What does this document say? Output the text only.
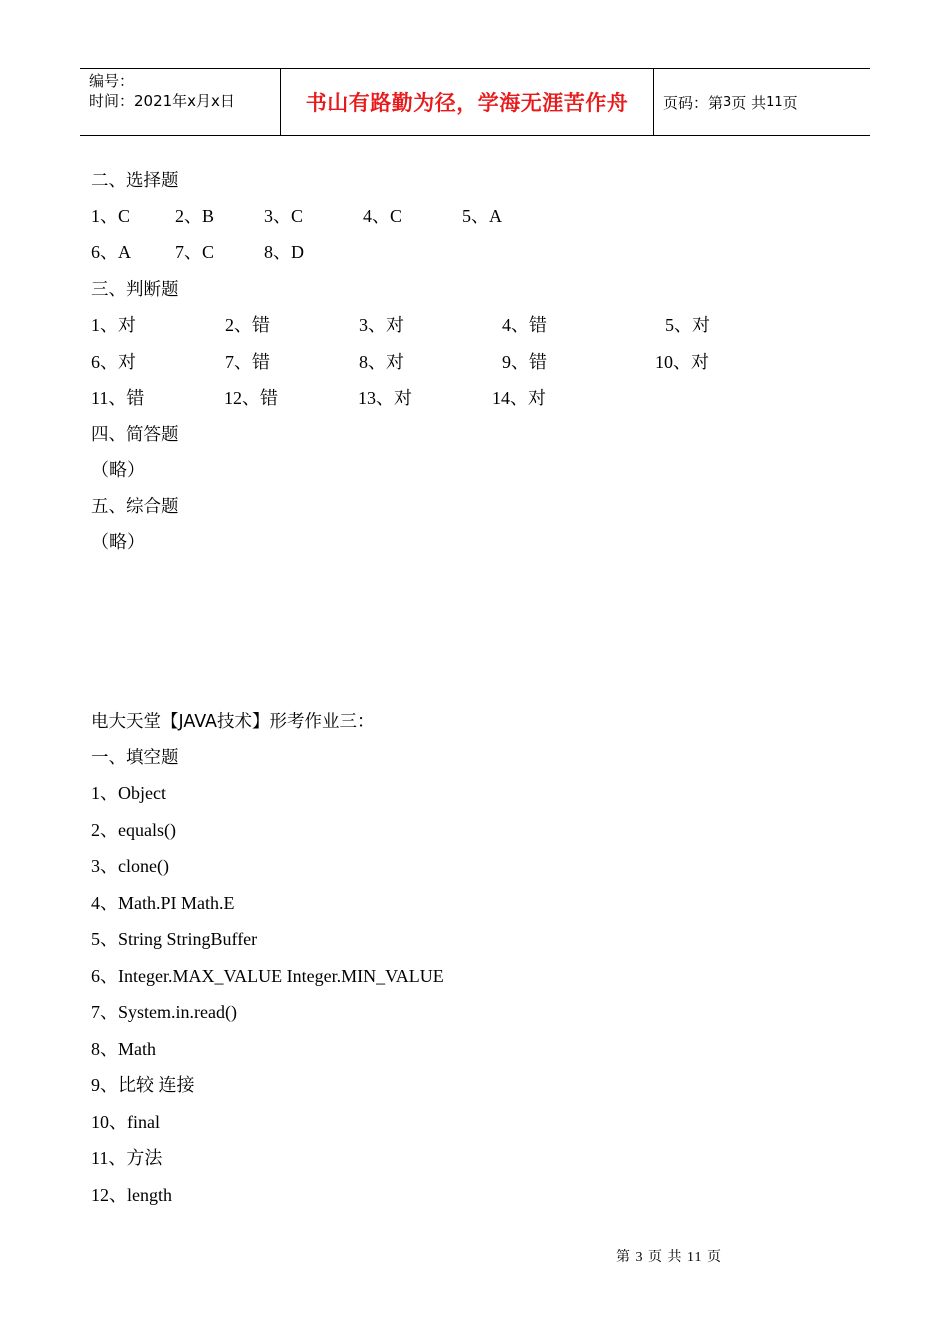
编号：
时间：2021年x月x日	书山有路勤为径，学海无涯苦作舟 页码：第 3 页 共 11 页
二、选择题
1、C 2、B	3、C	4、C	5、A
6、A 7、C	8、D
三、判断题
1、对	2、错	3、对	4、错	5、对
6、对	7、错	8、对	9、错	10、对
11、错	12、错	13、对	14、对
四、简答题
（略）
五、综合题
（略）
电大天堂【JAVA技术】形考作业三：
一、填空题
1、Object
2、equals()
3、clone()
4、Math.PI Math.E
5、String StringBuffer
6、Integer.MAX_VALUE Integer.MIN_VALUE
7、System.in.read()
8、Math
9、比较 连接
10、final
11、方法
12、length
第 3 页 共 11 页
